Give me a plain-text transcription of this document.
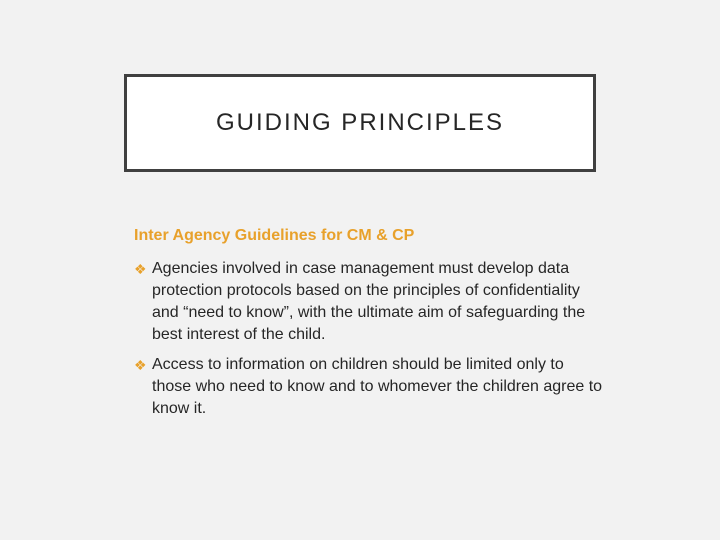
GUIDING PRINCIPLES
Inter Agency Guidelines for CM & CP
❖ Agencies involved in case management must develop data protection protocols based on the principles of confidentiality and “need to know”, with the ultimate aim of safeguarding the best interest of the child.
❖ Access to information on children should be limited only to those who need to know and to whomever the children agree to know it.
